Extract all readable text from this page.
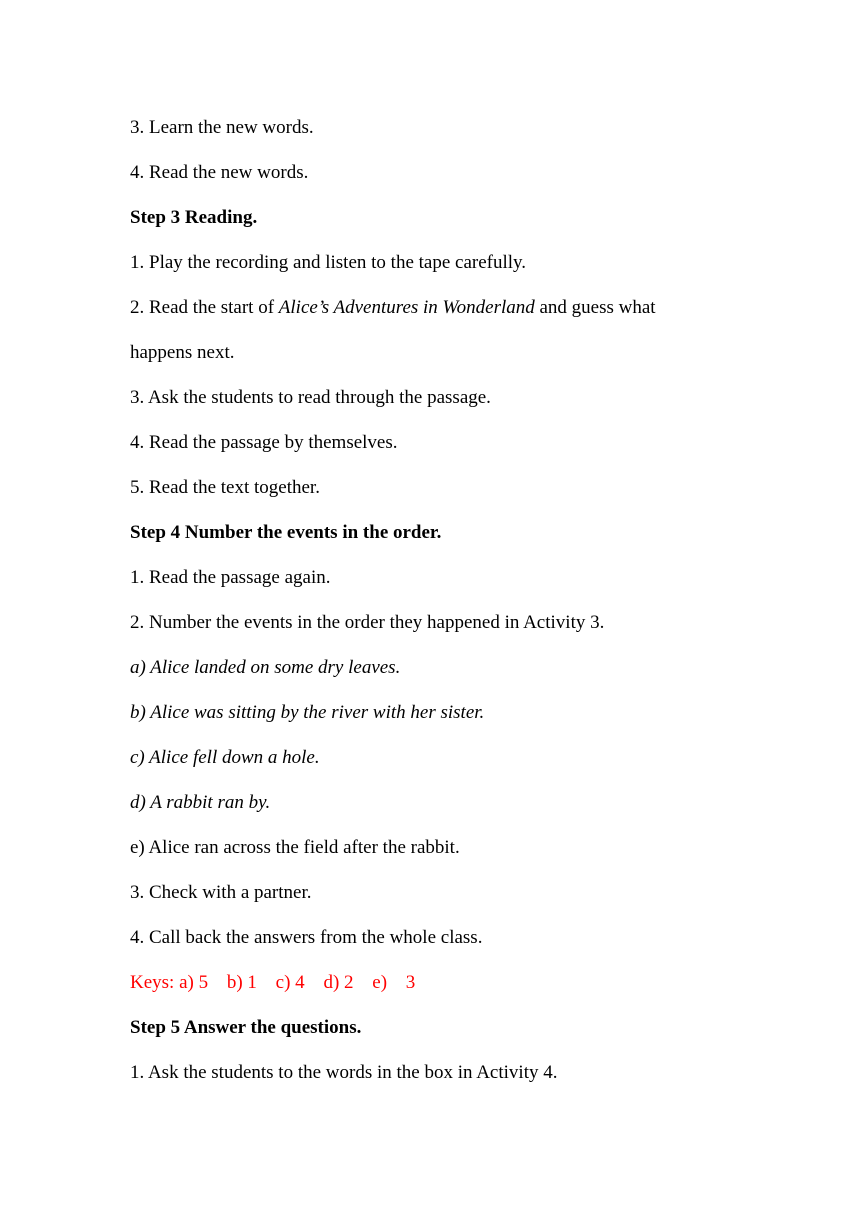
3. Learn the new words.
4. Read the new words.
Step 3 Reading.
1. Play the recording and listen to the tape carefully.
2. Read the start of Alice’s Adventures in Wonderland and guess what
happens next.
3. Ask the students to read through the passage.
4. Read the passage by themselves.
5. Read the text together.
Step 4 Number the events in the order.
1. Read the passage again.
2. Number the events in the order they happened in Activity 3.
a) Alice landed on some dry leaves.
b) Alice was sitting by the river with her sister.
c) Alice fell down a hole.
d) A rabbit ran by.
e) Alice ran across the field after the rabbit.
3. Check with a partner.
4. Call back the answers from the whole class.
Keys: a) 5 b) 1 c) 4 d) 2 e) 3
Step 5 Answer the questions.
1. Ask the students to the words in the box in Activity 4.
